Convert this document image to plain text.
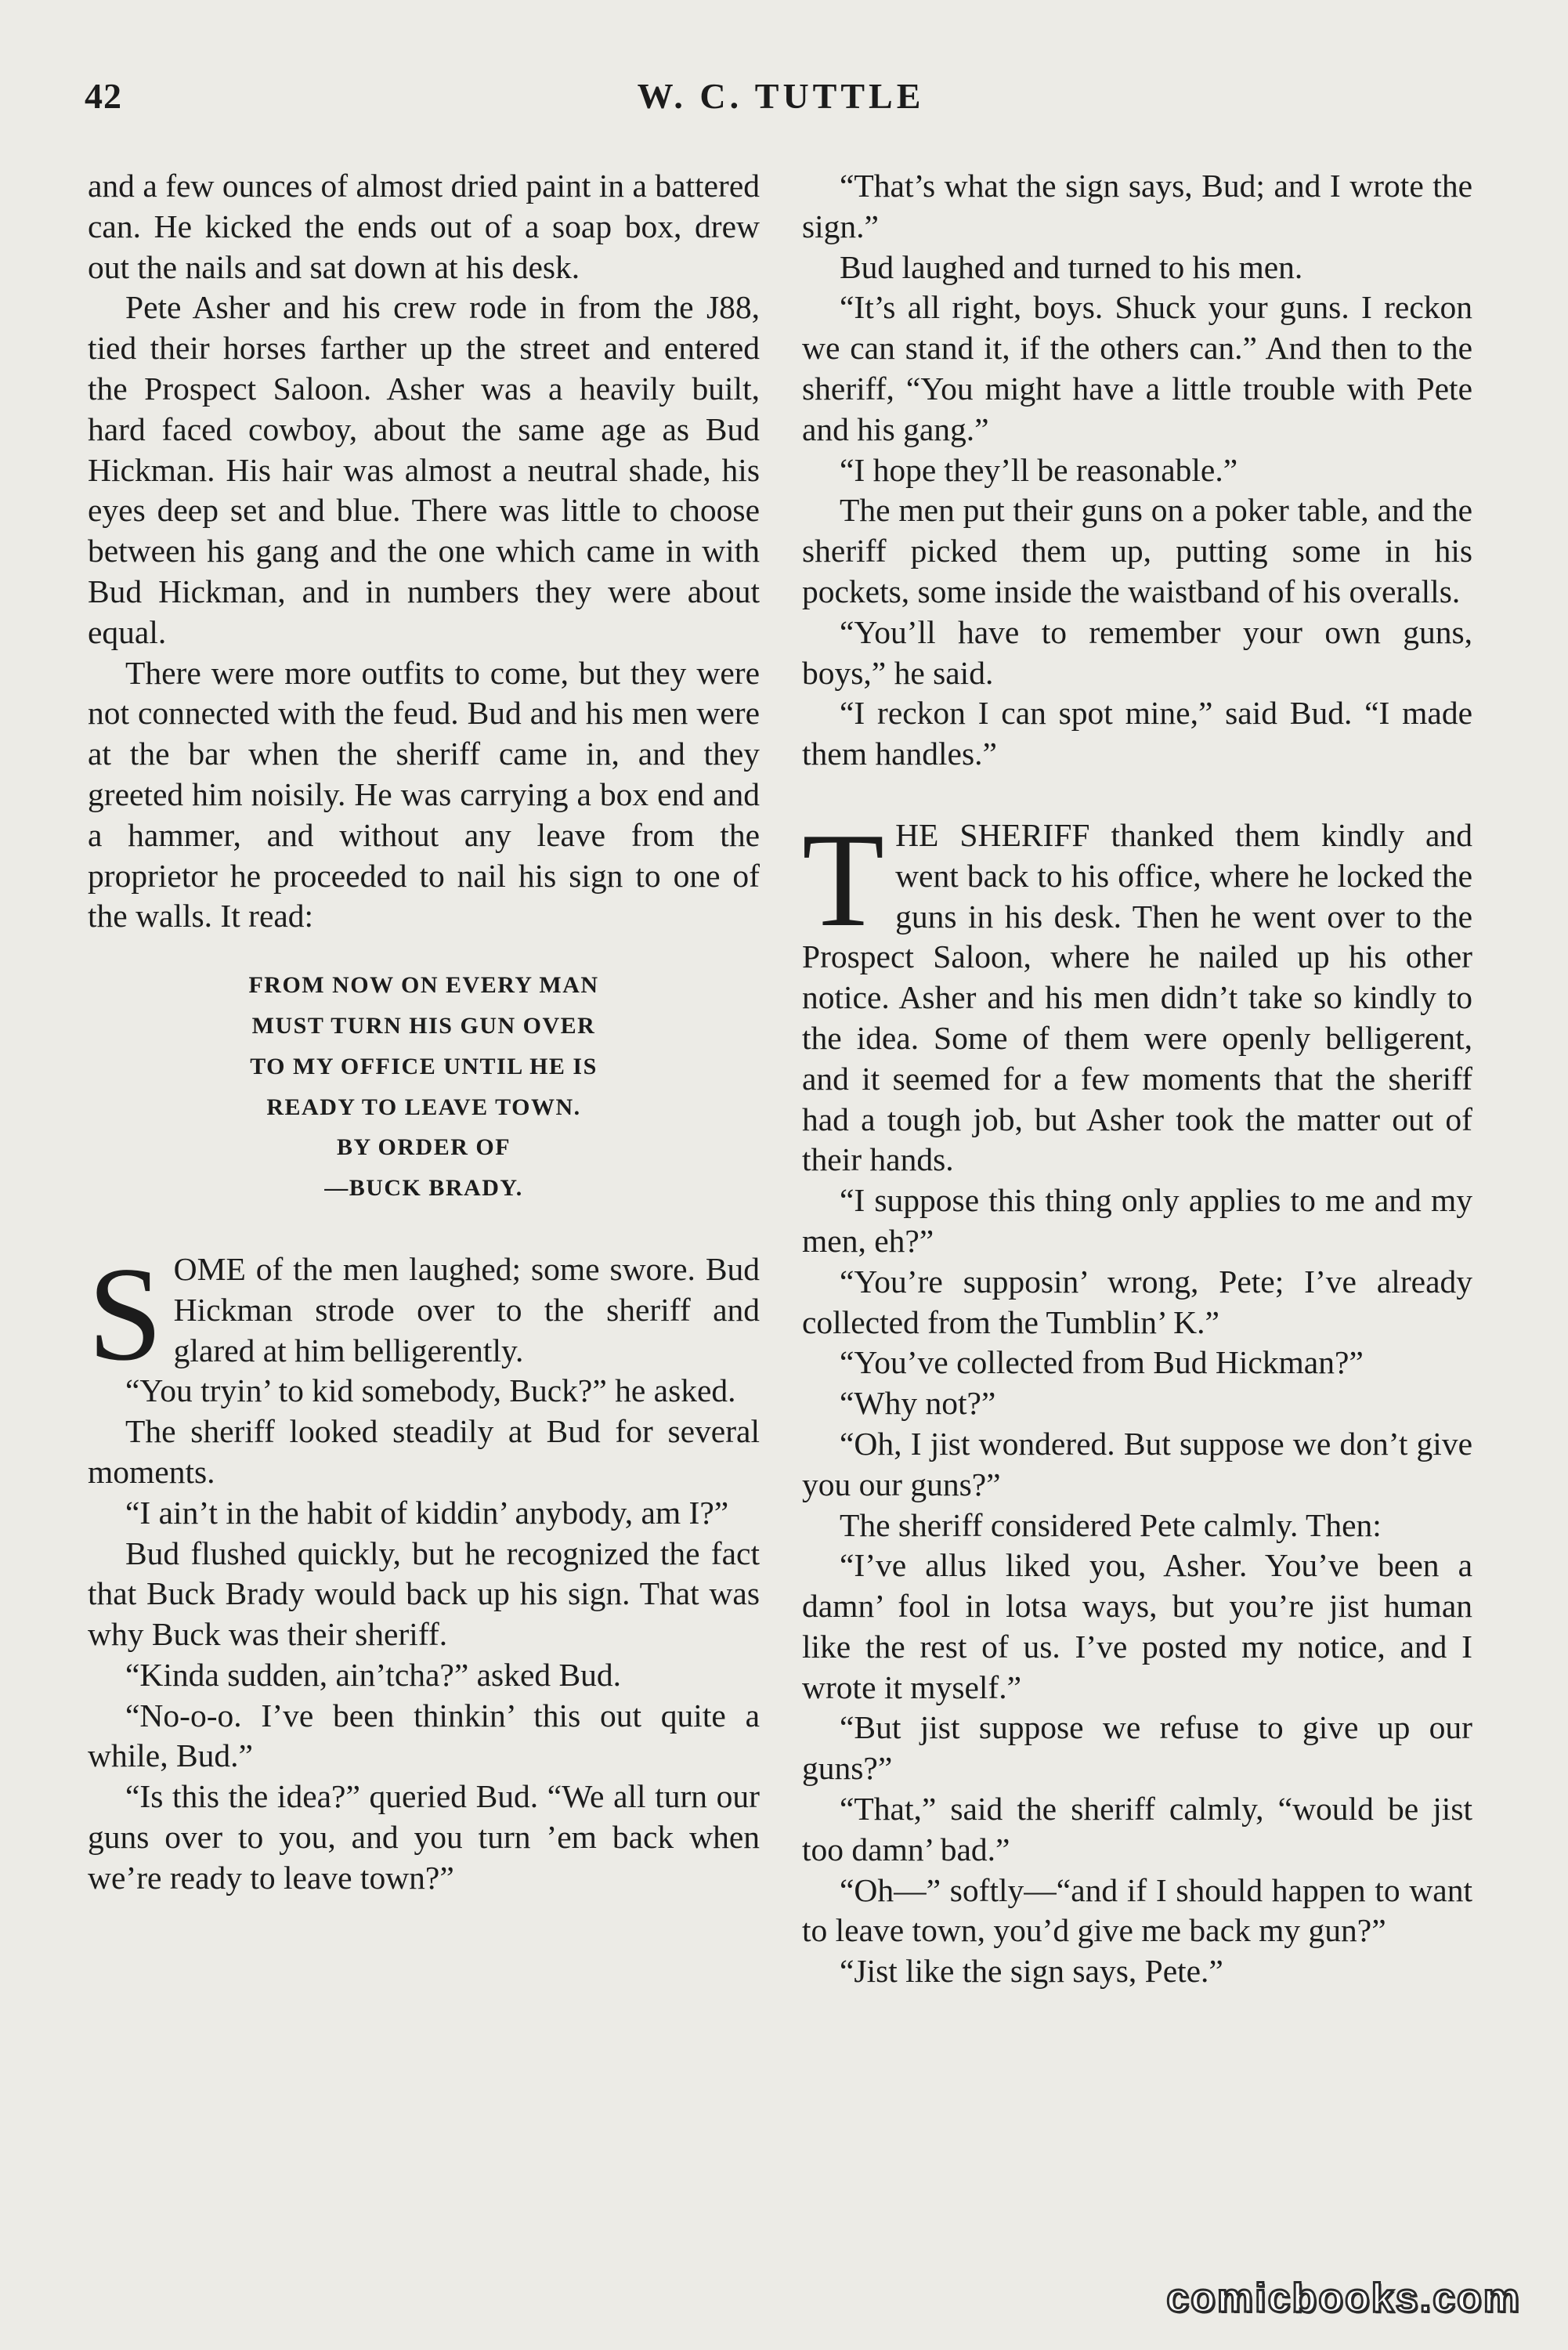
42	W. C. TUTTLE

and a few ounces of almost dried paint in a battered can. He kicked the ends out of a soap box, drew out the nails and sat down at his desk.

Pete Asher and his crew rode in from the J88, tied their horses farther up the street and entered the Prospect Saloon. Asher was a heavily built, hard faced cowboy, about the same age as Bud Hickman. His hair was almost a neutral shade, his eyes deep set and blue. There was little to choose between his gang and the one which came in with Bud Hickman, and in numbers they were about equal.

There were more outfits to come, but they were not connected with the feud. Bud and his men were at the bar when the sheriff came in, and they greeted him noisily. He was carrying a box end and a hammer, and without any leave from the proprietor he proceeded to nail his sign to one of the walls. It read:

FROM NOW ON EVERY MAN
MUST TURN HIS GUN OVER
TO MY OFFICE UNTIL HE IS
READY TO LEAVE TOWN.
BY ORDER OF
—BUCK BRADY.

SOME of the men laughed; some swore. Bud Hickman strode over to the sheriff and glared at him belligerently.

“You tryin’ to kid somebody, Buck?” he asked.

The sheriff looked steadily at Bud for several moments.

“I ain’t in the habit of kiddin’ anybody, am I?”

Bud flushed quickly, but he recognized the fact that Buck Brady would back up his sign. That was why Buck was their sheriff.

“Kinda sudden, ain’tcha?” asked Bud.

“No-o-o. I’ve been thinkin’ this out quite a while, Bud.”

“Is this the idea?” queried Bud. “We all turn our guns over to you, and you turn ’em back when we’re ready to leave town?”

“That’s what the sign says, Bud; and I wrote the sign.”

Bud laughed and turned to his men.

“It’s all right, boys. Shuck your guns. I reckon we can stand it, if the others can.” And then to the sheriff, “You might have a little trouble with Pete and his gang.”

“I hope they’ll be reasonable.”

The men put their guns on a poker table, and the sheriff picked them up, putting some in his pockets, some inside the waistband of his overalls.

“You’ll have to remember your own guns, boys,” he said.

“I reckon I can spot mine,” said Bud. “I made them handles.”

THE SHERIFF thanked them kindly and went back to his office, where he locked the guns in his desk. Then he went over to the Prospect Saloon, where he nailed up his other notice. Asher and his men didn’t take so kindly to the idea. Some of them were openly belligerent, and it seemed for a few moments that the sheriff had a tough job, but Asher took the matter out of their hands.

“I suppose this thing only applies to me and my men, eh?”

“You’re supposin’ wrong, Pete; I’ve already collected from the Tumblin’ K.”

“You’ve collected from Bud Hickman?”

“Why not?”

“Oh, I jist wondered. But suppose we don’t give you our guns?”

The sheriff considered Pete calmly. Then:

“I’ve allus liked you, Asher. You’ve been a damn’ fool in lotsa ways, but you’re jist human like the rest of us. I’ve posted my notice, and I wrote it myself.”

“But jist suppose we refuse to give up our guns?”

“That,” said the sheriff calmly, “would be jist too damn’ bad.”

“Oh—” softly—“and if I should happen to want to leave town, you’d give me back my gun?”

“Jist like the sign says, Pete.”

comicbooks.com
